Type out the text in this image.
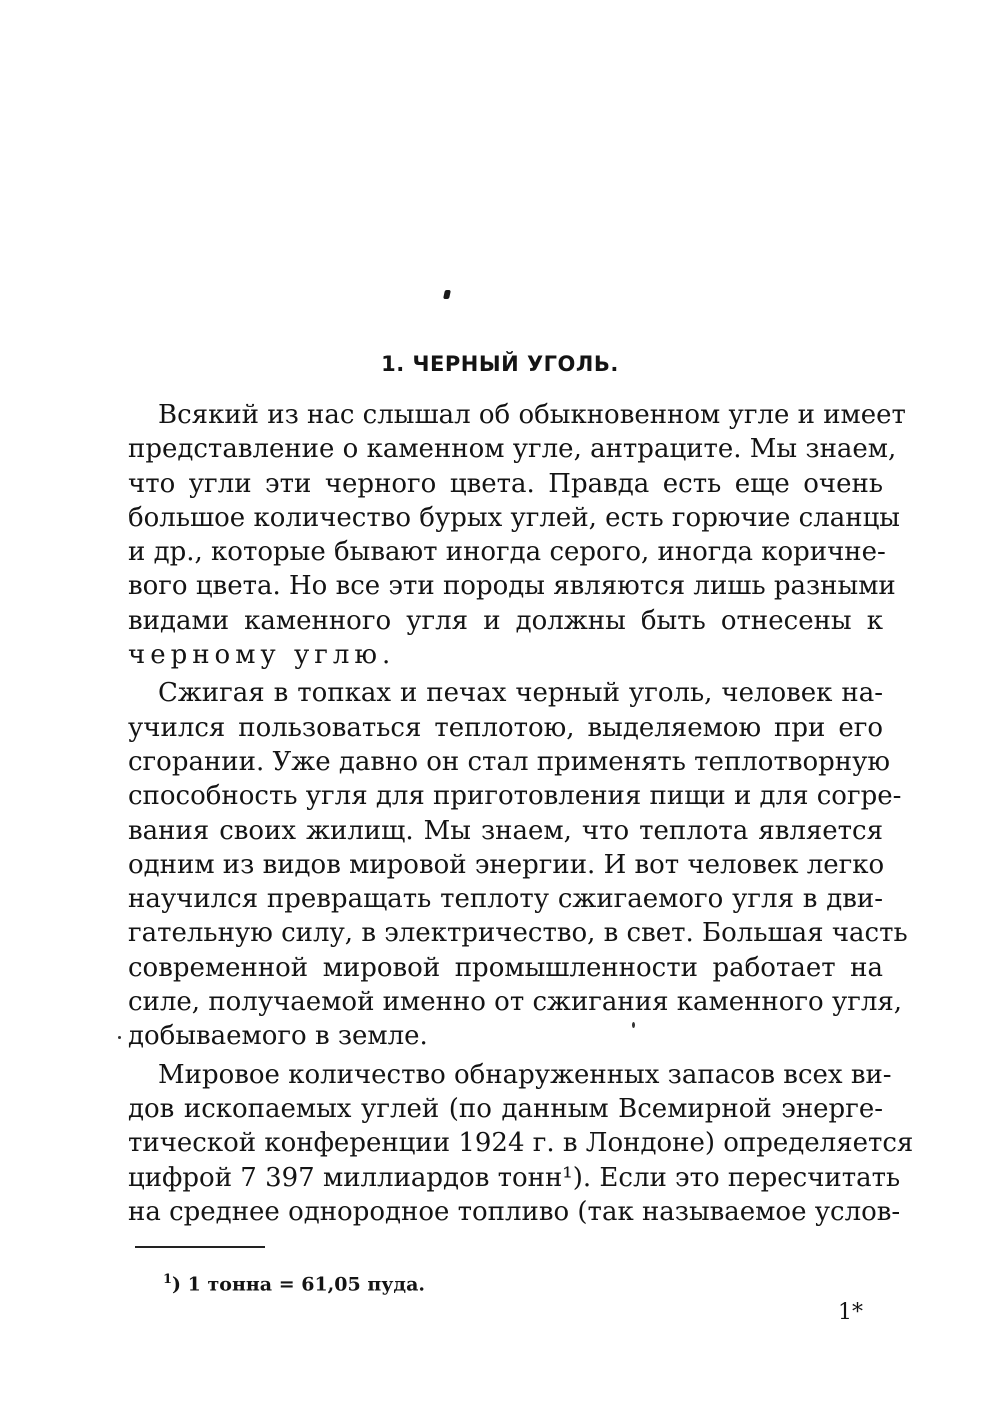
1. ЧЕРНЫЙ УГОЛЬ.
Всякий из нас слышал об обыкновенном угле и имеет
представление о каменном угле, антраците. Мы знаем,
что угли эти черного цвета. Правда есть еще очень
большое количество бурых углей, есть горючие сланцы
и др., которые бывают иногда серого, иногда коричне-
вого цвета. Но все эти породы являются лишь разными
видами каменного угля и должны быть отнесены к
черному углю.
Сжигая в топках и печах черный уголь, человек на-
учился пользоваться теплотою, выделяемою при его
сгорании. Уже давно он стал применять теплотворную
способность угля для приготовления пищи и для согре-
вания своих жилищ. Мы знаем, что теплота является
одним из видов мировой энергии. И вот человек легко
научился превращать теплоту сжигаемого угля в дви-
гательную силу, в электричество, в свет. Большая часть
современной мировой промышленности работает на
силе, получаемой именно от сжигания каменного угля,
добываемого в земле.
Мировое количество обнаруженных запасов всех ви-
дов ископаемых углей (по данным Всемирной энерге-
тической конференции 1924 г. в Лондоне) определяется
цифрой 7 397 миллиардов тонн¹). Если это пересчитать
на среднее однородное топливо (так называемое услов-
$^1$) 1 тонна = 61,05 пуда.
1*
